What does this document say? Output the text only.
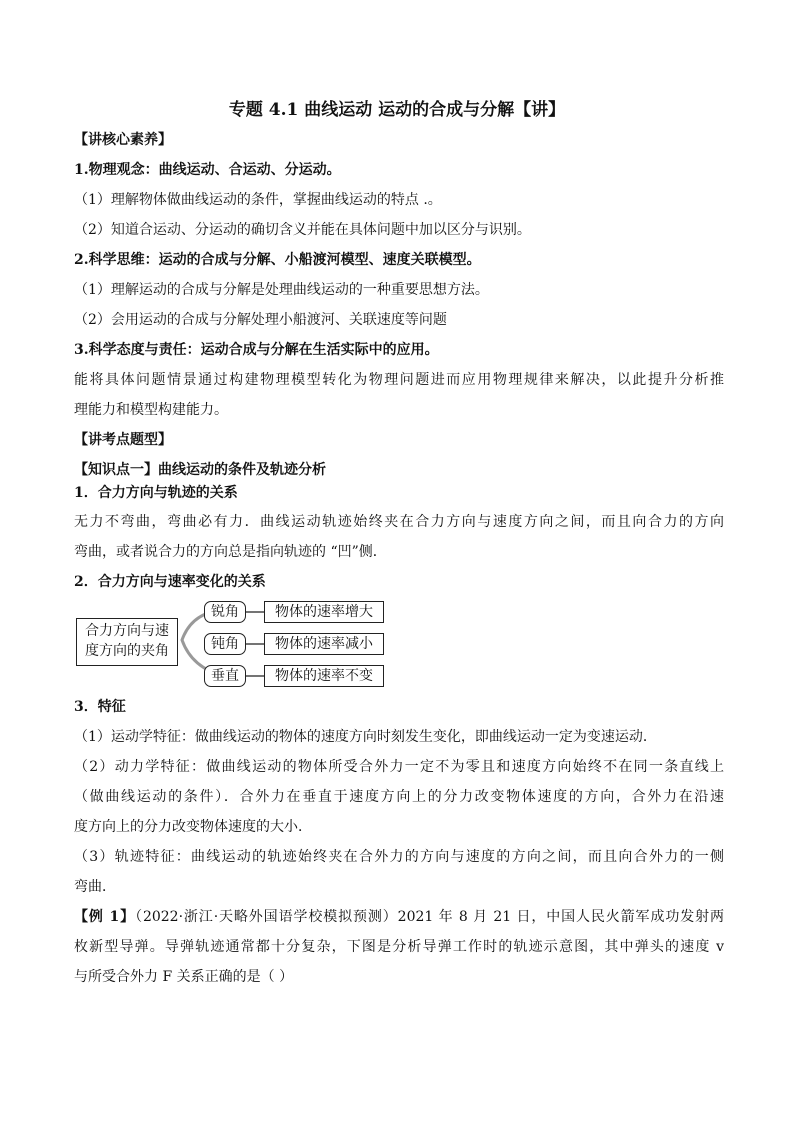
专题 4.1 曲线运动 运动的合成与分解【讲】
【讲核心素养】
1.物理观念：曲线运动、合运动、分运动。
（1）理解物体做曲线运动的条件，掌握曲线运动的特点 .。
（2）知道合运动、分运动的确切含义并能在具体问题中加以区分与识别。
2.科学思维：运动的合成与分解、小船渡河模型、速度关联模型。
（1）理解运动的合成与分解是处理曲线运动的一种重要思想方法。
（2）会用运动的合成与分解处理小船渡河、关联速度等问题
3.科学态度与责任：运动合成与分解在生活实际中的应用。
能将具体问题情景通过构建物理模型转化为物理问题进而应用物理规律来解决，以此提升分析推
理能力和模型构建能力。
【讲考点题型】
【知识点一】曲线运动的条件及轨迹分析
1．合力方向与轨迹的关系
无力不弯曲，弯曲必有力．曲线运动轨迹始终夹在合力方向与速度方向之间，而且向合力的方向
弯曲，或者说合力的方向总是指向轨迹的 “凹”侧．
2．合力方向与速率变化的关系
合力方向与速
度方向的夹角
锐角
钝角
垂直
物体的速率增大
物体的速率减小
物体的速率不变
3．特征
（1）运动学特征：做曲线运动的物体的速度方向时刻发生变化，即曲线运动一定为变速运动．
（2）动力学特征：做曲线运动的物体所受合外力一定不为零且和速度方向始终不在同一条直线上
（做曲线运动的条件）．合外力在垂直于速度方向上的分力改变物体速度的方向，合外力在沿速
度方向上的分力改变物体速度的大小．
（3）轨迹特征：曲线运动的轨迹始终夹在合外力的方向与速度的方向之间，而且向合外力的一侧
弯曲．
【例 1】（2022·浙江·天略外国语学校模拟预测）2021 年 8 月 21 日，中国人民火箭军成功发射两
枚新型导弹。导弹轨迹通常都十分复杂，下图是分析导弹工作时的轨迹示意图，其中弹头的速度 v
与所受合外力 F 关系正确的是（ ）
